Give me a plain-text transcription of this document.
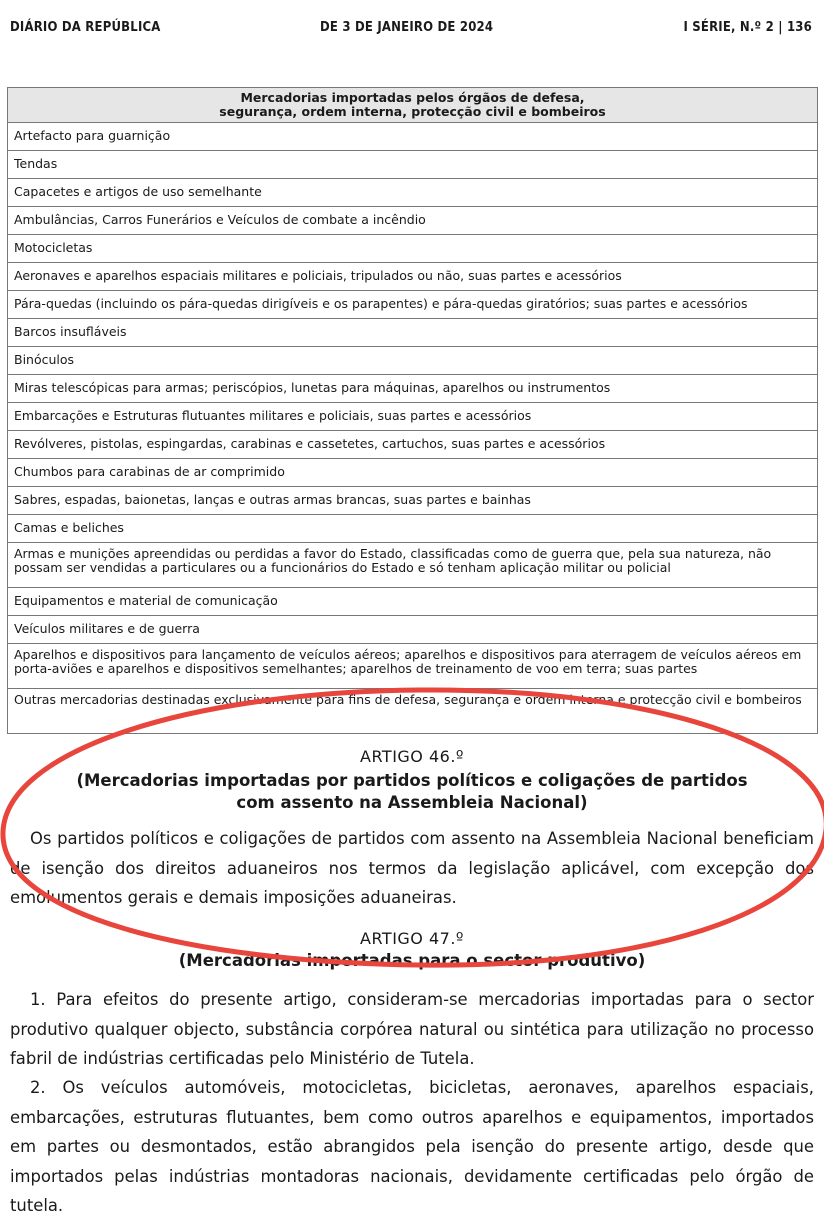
DIÁRIO DA REPÚBLICA	DE 3 DE JANEIRO DE 2024	I SÉRIE, N.º 2 | 136
Mercadorias importadas pelos órgãos de defesa,
segurança, ordem interna, protecção civil e bombeiros
Artefacto para guarnição
Tendas
Capacetes e artigos de uso semelhante
Ambulâncias, Carros Funerários e Veículos de combate a incêndio
Motocicletas
Aeronaves e aparelhos espaciais militares e policiais, tripulados ou não, suas partes e acessórios
Pára-quedas (incluindo os pára-quedas dirigíveis e os parapentes) e pára-quedas giratórios; suas partes e acessórios
Barcos insufláveis
Binóculos
Miras telescópicas para armas; periscópios, lunetas para máquinas, aparelhos ou instrumentos
Embarcações e Estruturas flutuantes militares e policiais, suas partes e acessórios
Revólveres, pistolas, espingardas, carabinas e cassetetes, cartuchos, suas partes e acessórios
Chumbos para carabinas de ar comprimido
Sabres, espadas, baionetas, lanças e outras armas brancas, suas partes e bainhas
Camas e beliches
Armas e munições apreendidas ou perdidas a favor do Estado, classificadas como de guerra que, pela sua natureza, não possam ser vendidas a particulares ou a funcionários do Estado e só tenham aplicação militar ou policial
Equipamentos e material de comunicação
Veículos militares e de guerra
Aparelhos e dispositivos para lançamento de veículos aéreos; aparelhos e dispositivos para aterragem de veículos aéreos em porta-aviões e aparelhos e dispositivos semelhantes; aparelhos de treinamento de voo em terra; suas partes
Outras mercadorias destinadas exclusivamente para fins de defesa, segurança e ordem interna e protecção civil e bombeiros
ARTIGO 46.º
(Mercadorias importadas por partidos políticos e coligações de partidos
com assento na Assembleia Nacional)
Os partidos políticos e coligações de partidos com assento na Assembleia Nacional beneficiam de isenção dos direitos aduaneiros nos termos da legislação aplicável, com excepção dos emolumentos gerais e demais imposições aduaneiras.
ARTIGO 47.º
(Mercadorias importadas para o sector produtivo)
1. Para efeitos do presente artigo, consideram-se mercadorias importadas para o sector produtivo qualquer objecto, substância corpórea natural ou sintética para utilização no processo fabril de indústrias certificadas pelo Ministério de Tutela.
2. Os veículos automóveis, motocicletas, bicicletas, aeronaves, aparelhos espaciais, embarcações, estruturas flutuantes, bem como outros aparelhos e equipamentos, importados em partes ou desmontados, estão abrangidos pela isenção do presente artigo, desde que importados pelas indústrias montadoras nacionais, devidamente certificadas pelo órgão de tutela.
